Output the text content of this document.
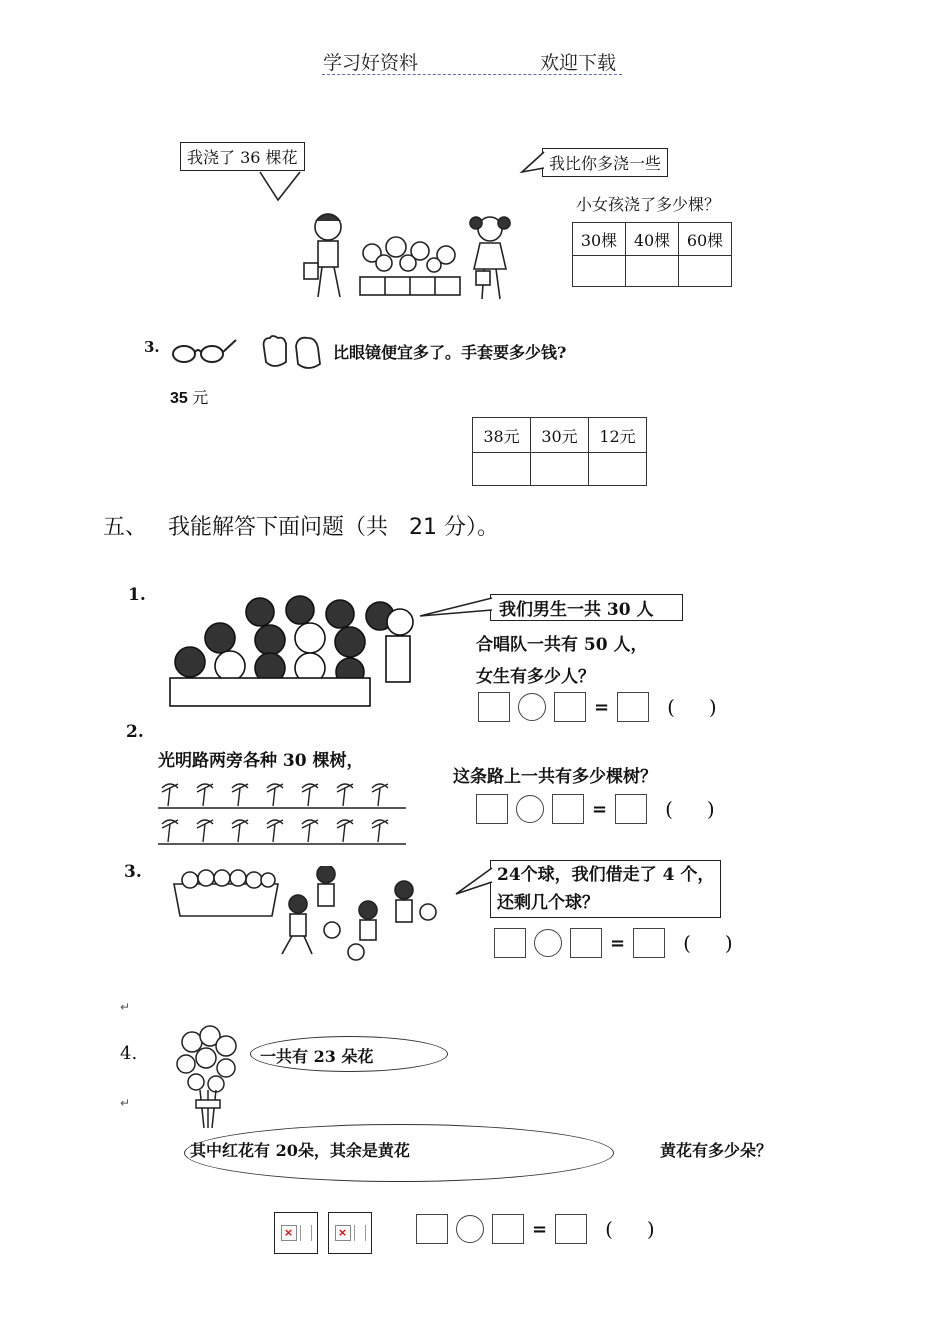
学习好资料	欢迎下载
我浇了 36 棵花	我比你多浇一些
小女孩浇了多少棵？
30棵	40棵	60棵

3.	比眼镜便宜多了。手套要多少钱?
35 元
38元	30元	12元

五、 我能解答下面问题（共 21 分）。
1.
我们男生一共 30 人
合唱队一共有 50 人，
女生有多少人？
=	( )
2.
光明路两旁各种 30 棵树，
这条路上一共有多少棵树？
=	( )
3.	24个球，我们借走了 4 个，
还剩几个球？
=	( )
↵
4.
↵
一共有 23 朵花
其中红花有 20朵，其余是黄花	黄花有多少朵？
×	×	=	( )
